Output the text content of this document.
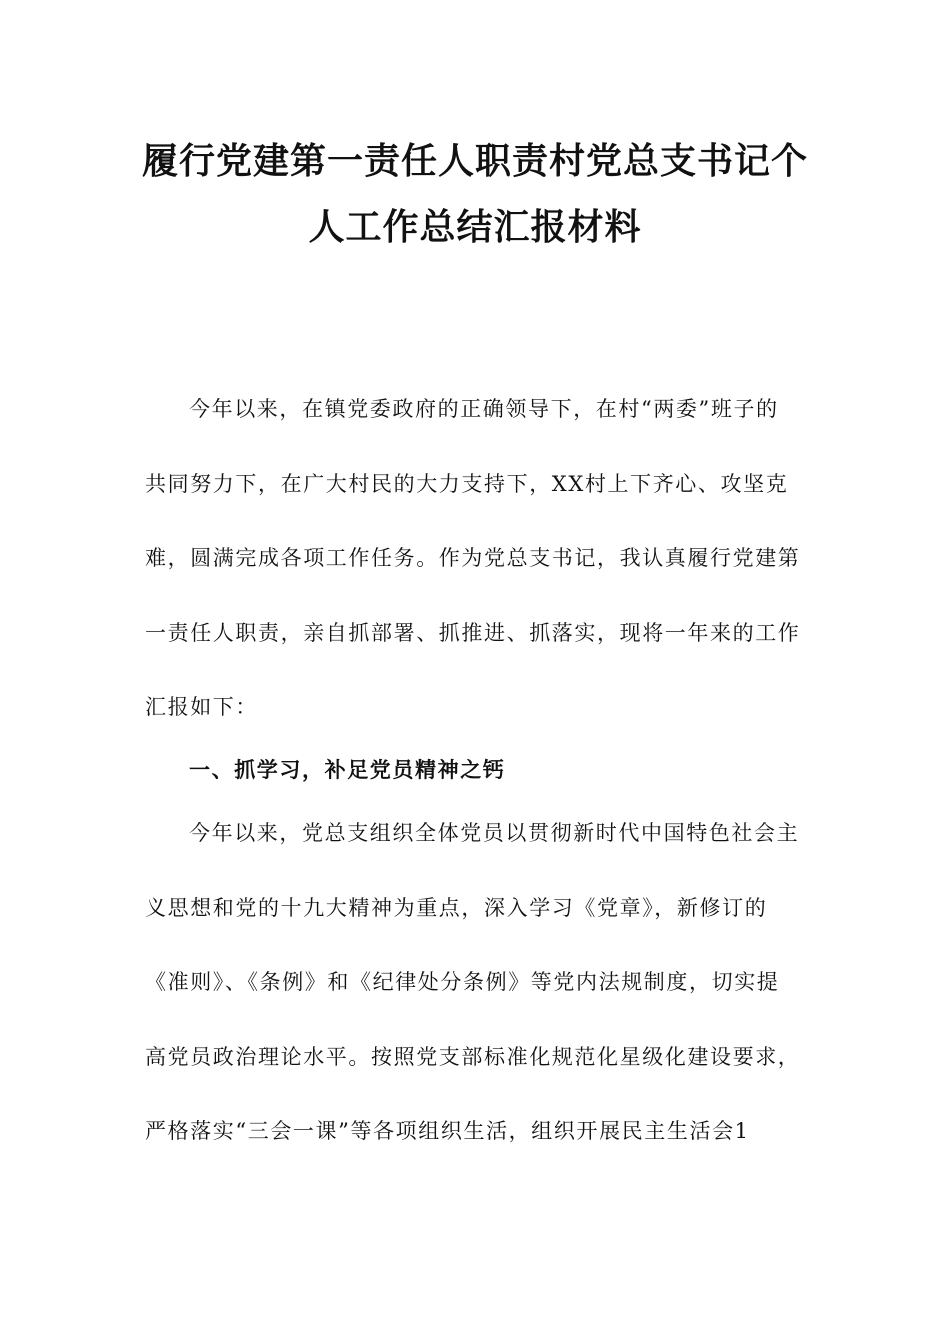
履行党建第一责任人职责村党总支书记个
人工作总结汇报材料

今年以来，在镇党委政府的正确领导下，在村“两委”班子的
共同努力下，在广大村民的大力支持下，XX村上下齐心、攻坚克
难，圆满完成各项工作任务。作为党总支书记，我认真履行党建第
一责任人职责，亲自抓部署、抓推进、抓落实，现将一年来的工作
汇报如下：

一、抓学习，补足党员精神之钙

今年以来，党总支组织全体党员以贯彻新时代中国特色社会主
义思想和党的十九大精神为重点，深入学习《党章》，新修订的
《准则》、《条例》和《纪律处分条例》等党内法规制度，切实提
高党员政治理论水平。按照党支部标准化规范化星级化建设要求，
严格落实“三会一课”等各项组织生活，组织开展民主生活会1
